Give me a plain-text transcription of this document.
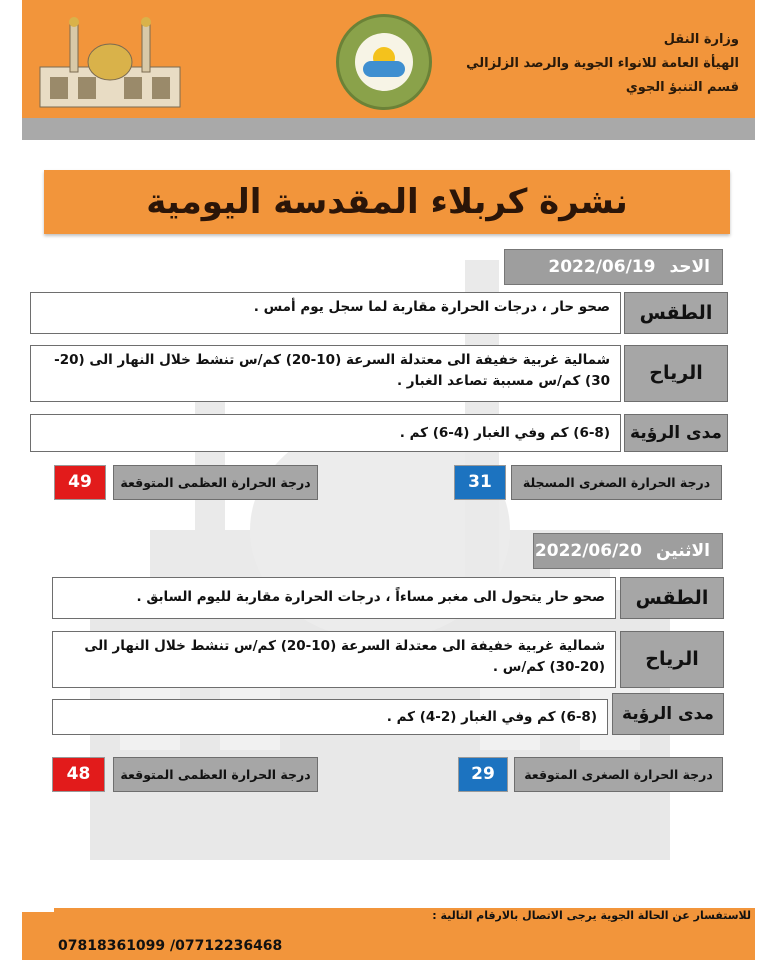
وزارة النقل
الهيأة العامة للانواء الجوية والرصد الزلزالي
قسم التنبؤ الجوي
نشرة كربلاء المقدسة اليومية
الاحد2022/06/19
صحو حار ، درجات الحرارة مقاربة لما سجل يوم أمس .	الطقس
شمالية غربية خفيفة الى معتدلة السرعة (10-20) كم/س تنشط خلال النهار الى (20-30) كم/س مسببة تصاعد الغبار .	الرياح
(6-8) كم وفي الغبار (4-6) كم .	مدى الرؤية
49	درجة الحرارة العظمى المتوقعة	31	درجة الحرارة الصغرى المسجلة
الاثنين2022/06/20
صحو حار يتحول الى مغبر مساءاً ، درجات الحرارة مقاربة لليوم السابق .	الطقس
شمالية غربية خفيفة الى معتدلة السرعة (10-20) كم/س تنشط خلال النهار الى (20-30) كم/س .	الرياح
(6-8) كم وفي الغبار (2-4) كم .	مدى الرؤية
48	درجة الحرارة العظمى المتوقعة	29	درجة الحرارة الصغرى المتوقعة
للاستفسار عن الحالة الجوية يرجى الاتصال بالارقام التالية :
07818361099 /07712236468
